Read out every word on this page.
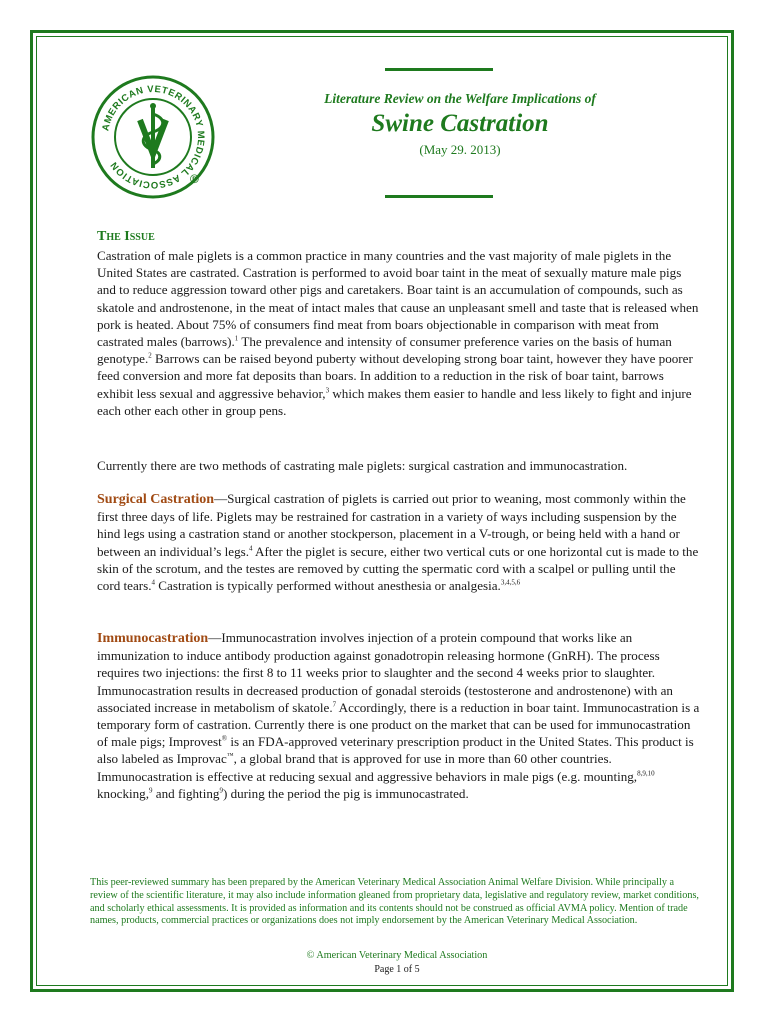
AMERICAN VETERINARY MEDICAL ASSOCIATION
®
Literature Review on the Welfare Implications of
Swine Castration
(May 29. 2013)
The Issue
Castration of male piglets is a common practice in many countries and the vast majority of male piglets in the United States are castrated. Castration is performed to avoid boar taint in the meat of sexually mature male pigs and to reduce aggression toward other pigs and caretakers. Boar taint is an accumulation of compounds, such as skatole and androstenone, in the meat of intact males that cause an unpleasant smell and taste that is released when pork is heated. About 75% of consumers find meat from boars objectionable in comparison with meat from castrated males (barrows).$^1$ The prevalence and intensity of consumer preference varies on the basis of human genotype.$^2$ Barrows can be raised beyond puberty without developing strong boar taint, however they have poorer feed conversion and more fat deposits than boars. In addition to a reduction in the risk of boar taint, barrows exhibit less sexual and aggressive behavior,$^3$ which makes them easier to handle and less likely to fight and injure each other each other in group pens.
Currently there are two methods of castrating male piglets: surgical castration and immunocastration.
Surgical Castration—Surgical castration of piglets is carried out prior to weaning, most commonly within the first three days of life. Piglets may be restrained for castration in a variety of ways including suspension by the hind legs using a castration stand or another stockperson, placement in a V-trough, or being held with a hand or between an individual’s legs.$^4$ After the piglet is secure, either two vertical cuts or one horizontal cut is made to the skin of the scrotum, and the testes are removed by cutting the spermatic cord with a scalpel or pulling until the cord tears.$^4$ Castration is typically performed without anesthesia or analgesia.$^{3,4,5,6}$
Immunocastration—Immunocastration involves injection of a protein compound that works like an immunization to induce antibody production against gonadotropin releasing hormone (GnRH). The process requires two injections: the first 8 to 11 weeks prior to slaughter and the second 4 weeks prior to slaughter. Immunocastration results in decreased production of gonadal steroids (testosterone and androstenone) with an associated increase in metabolism of skatole.$^7$ Accordingly, there is a reduction in boar taint. Immunocastration is a temporary form of castration. Currently there is one product on the market that can be used for immunocastration of male pigs; Improvest® is an FDA-approved veterinary prescription product in the United States. This product is also labeled as Improvac™, a global brand that is approved for use in more than 60 other countries. Immunocastration is effective at reducing sexual and aggressive behaviors in male pigs (e.g. mounting,$^{8,9,10}$ knocking,$^9$ and fighting$^9$) during the period the pig is immunocastrated.
This peer-reviewed summary has been prepared by the American Veterinary Medical Association Animal Welfare Division. While principally a review of the scientific literature, it may also include information gleaned from proprietary data, legislative and regulatory review, market conditions, and scholarly ethical assessments. It is provided as information and its contents should not be construed as official AVMA policy. Mention of trade names, products, commercial practices or organizations does not imply endorsement by the American Veterinary Medical Association.
© American Veterinary Medical Association
Page 1 of 5
